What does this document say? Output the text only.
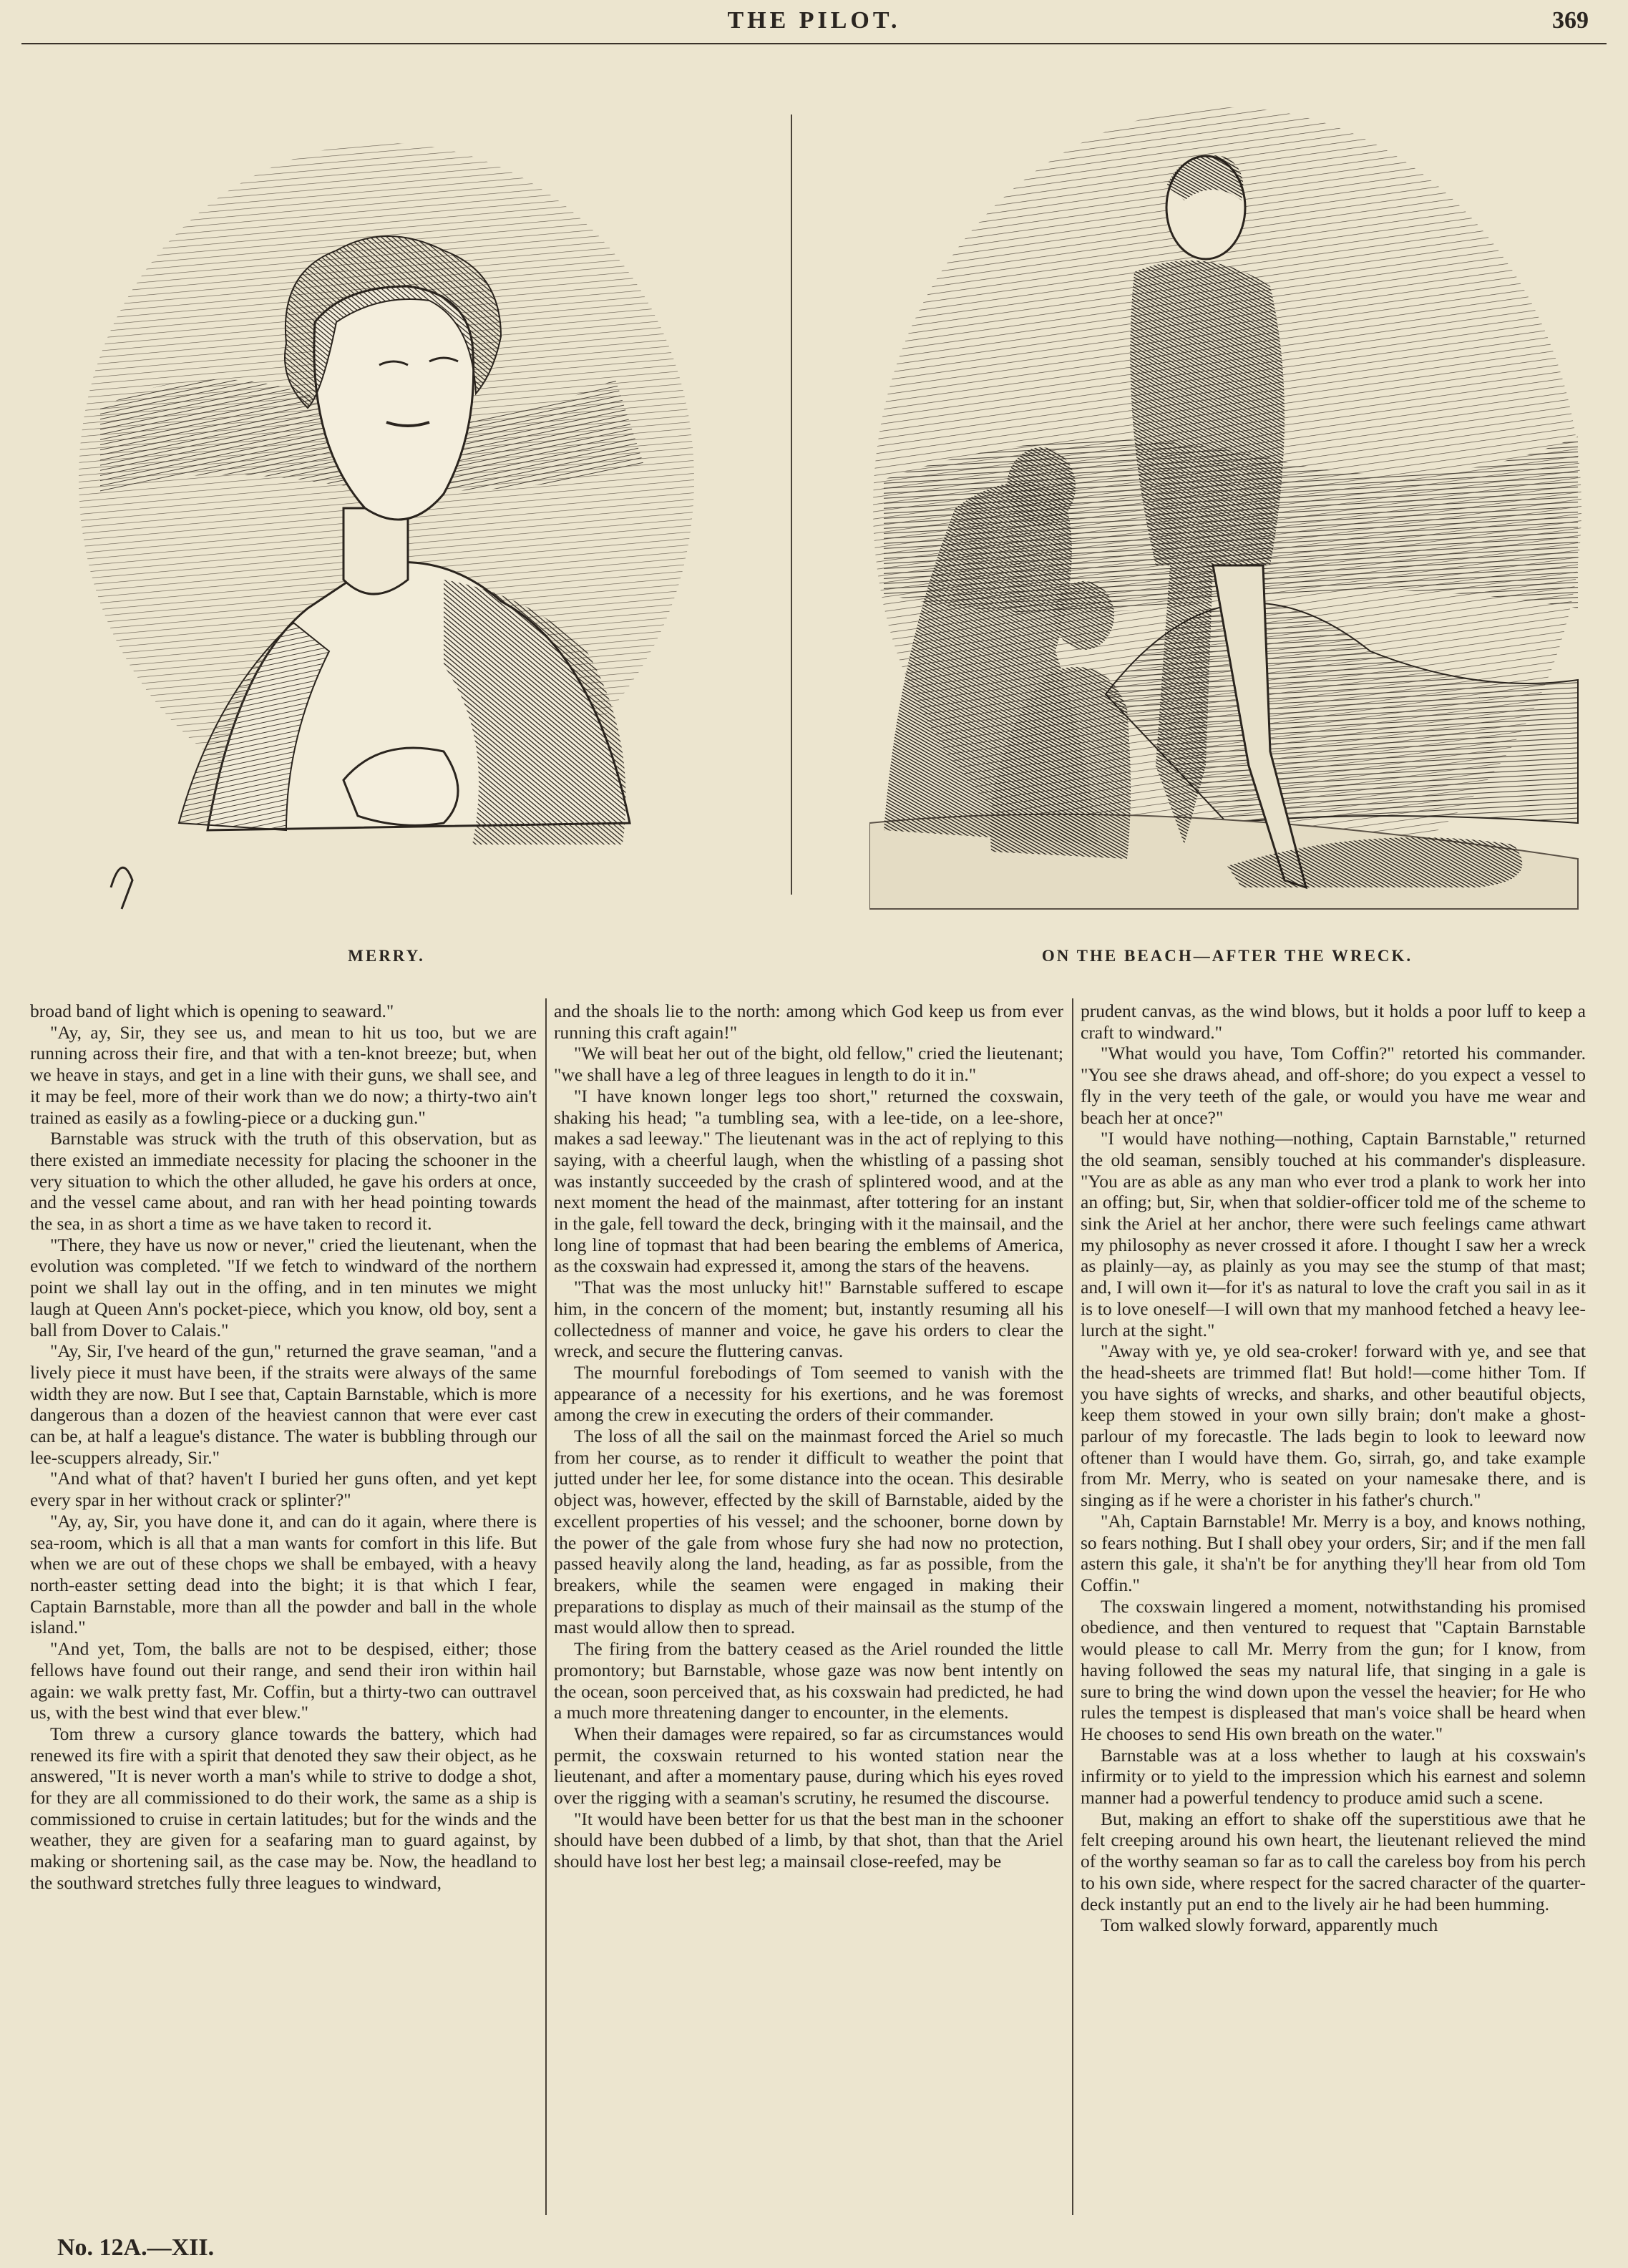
THE PILOT.	369
MERRY.	ON THE BEACH—AFTER THE WRECK.

broad band of light which is opening to seaward."

"Ay, ay, Sir, they see us, and mean to hit us too, but we are running across their fire, and that with a ten-knot breeze; but, when we heave in stays, and get in a line with their guns, we shall see, and it may be feel, more of their work than we do now; a thirty-two ain't trained as easily as a fowling-piece or a ducking gun."

Barnstable was struck with the truth of this observation, but as there existed an immediate necessity for placing the schooner in the very situation to which the other alluded, he gave his orders at once, and the vessel came about, and ran with her head pointing towards the sea, in as short a time as we have taken to record it.

"There, they have us now or never," cried the lieutenant, when the evolution was completed. "If we fetch to windward of the northern point we shall lay out in the offing, and in ten minutes we might laugh at Queen Ann's pocket-piece, which you know, old boy, sent a ball from Dover to Calais."

"Ay, Sir, I've heard of the gun," returned the grave seaman, "and a lively piece it must have been, if the straits were always of the same width they are now. But I see that, Captain Barnstable, which is more dangerous than a dozen of the heaviest cannon that were ever cast can be, at half a league's distance. The water is bubbling through our lee-scuppers already, Sir."

"And what of that? haven't I buried her guns often, and yet kept every spar in her without crack or splinter?"

"Ay, ay, Sir, you have done it, and can do it again, where there is sea-room, which is all that a man wants for comfort in this life. But when we are out of these chops we shall be embayed, with a heavy north-easter setting dead into the bight; it is that which I fear, Captain Barnstable, more than all the powder and ball in the whole island."

"And yet, Tom, the balls are not to be despised, either; those fellows have found out their range, and send their iron within hail again: we walk pretty fast, Mr. Coffin, but a thirty-two can outtravel us, with the best wind that ever blew."

Tom threw a cursory glance towards the battery, which had renewed its fire with a spirit that denoted they saw their object, as he answered, "It is never worth a man's while to strive to dodge a shot, for they are all commissioned to do their work, the same as a ship is commissioned to cruise in certain latitudes; but for the winds and the weather, they are given for a seafaring man to guard against, by making or shortening sail, as the case may be. Now, the headland to the southward stretches fully three leagues to windward,

and the shoals lie to the north: among which God keep us from ever running this craft again!"

"We will beat her out of the bight, old fellow," cried the lieutenant; "we shall have a leg of three leagues in length to do it in."

"I have known longer legs too short," returned the coxswain, shaking his head; "a tumbling sea, with a lee-tide, on a lee-shore, makes a sad leeway." The lieutenant was in the act of replying to this saying, with a cheerful laugh, when the whistling of a passing shot was instantly succeeded by the crash of splintered wood, and at the next moment the head of the mainmast, after tottering for an instant in the gale, fell toward the deck, bringing with it the mainsail, and the long line of topmast that had been bearing the emblems of America, as the coxswain had expressed it, among the stars of the heavens.

"That was the most unlucky hit!" Barnstable suffered to escape him, in the concern of the moment; but, instantly resuming all his collectedness of manner and voice, he gave his orders to clear the wreck, and secure the fluttering canvas.

The mournful forebodings of Tom seemed to vanish with the appearance of a necessity for his exertions, and he was foremost among the crew in executing the orders of their commander.

The loss of all the sail on the mainmast forced the Ariel so much from her course, as to render it difficult to weather the point that jutted under her lee, for some distance into the ocean. This desirable object was, however, effected by the skill of Barnstable, aided by the excellent properties of his vessel; and the schooner, borne down by the power of the gale from whose fury she had now no protection, passed heavily along the land, heading, as far as possible, from the breakers, while the seamen were engaged in making their preparations to display as much of their mainsail as the stump of the mast would allow then to spread.

The firing from the battery ceased as the Ariel rounded the little promontory; but Barnstable, whose gaze was now bent intently on the ocean, soon perceived that, as his coxswain had predicted, he had a much more threatening danger to encounter, in the elements.

When their damages were repaired, so far as circumstances would permit, the coxswain returned to his wonted station near the lieutenant, and after a momentary pause, during which his eyes roved over the rigging with a seaman's scrutiny, he resumed the discourse.

"It would have been better for us that the best man in the schooner should have been dubbed of a limb, by that shot, than that the Ariel should have lost her best leg; a mainsail close-reefed, may be

prudent canvas, as the wind blows, but it holds a poor luff to keep a craft to windward."

"What would you have, Tom Coffin?" retorted his commander. "You see she draws ahead, and off-shore; do you expect a vessel to fly in the very teeth of the gale, or would you have me wear and beach her at once?"

"I would have nothing—nothing, Captain Barnstable," returned the old seaman, sensibly touched at his commander's displeasure. "You are as able as any man who ever trod a plank to work her into an offing; but, Sir, when that soldier-officer told me of the scheme to sink the Ariel at her anchor, there were such feelings came athwart my philosophy as never crossed it afore. I thought I saw her a wreck as plainly—ay, as plainly as you may see the stump of that mast; and, I will own it—for it's as natural to love the craft you sail in as it is to love oneself—I will own that my manhood fetched a heavy lee-lurch at the sight."

"Away with ye, ye old sea-croker! forward with ye, and see that the head-sheets are trimmed flat! But hold!—come hither Tom. If you have sights of wrecks, and sharks, and other beautiful objects, keep them stowed in your own silly brain; don't make a ghost-parlour of my forecastle. The lads begin to look to leeward now oftener than I would have them. Go, sirrah, go, and take example from Mr. Merry, who is seated on your namesake there, and is singing as if he were a chorister in his father's church."

"Ah, Captain Barnstable! Mr. Merry is a boy, and knows nothing, so fears nothing. But I shall obey your orders, Sir; and if the men fall astern this gale, it sha'n't be for anything they'll hear from old Tom Coffin."

The coxswain lingered a moment, notwithstanding his promised obedience, and then ventured to request that "Captain Barnstable would please to call Mr. Merry from the gun; for I know, from having followed the seas my natural life, that singing in a gale is sure to bring the wind down upon the vessel the heavier; for He who rules the tempest is displeased that man's voice shall be heard when He chooses to send His own breath on the water."

Barnstable was at a loss whether to laugh at his coxswain's infirmity or to yield to the impression which his earnest and solemn manner had a powerful tendency to produce amid such a scene.

But, making an effort to shake off the superstitious awe that he felt creeping around his own heart, the lieutenant relieved the mind of the worthy seaman so far as to call the careless boy from his perch to his own side, where respect for the sacred character of the quarter-deck instantly put an end to the lively air he had been humming.

Tom walked slowly forward, apparently much

No. 12A.—XII.
